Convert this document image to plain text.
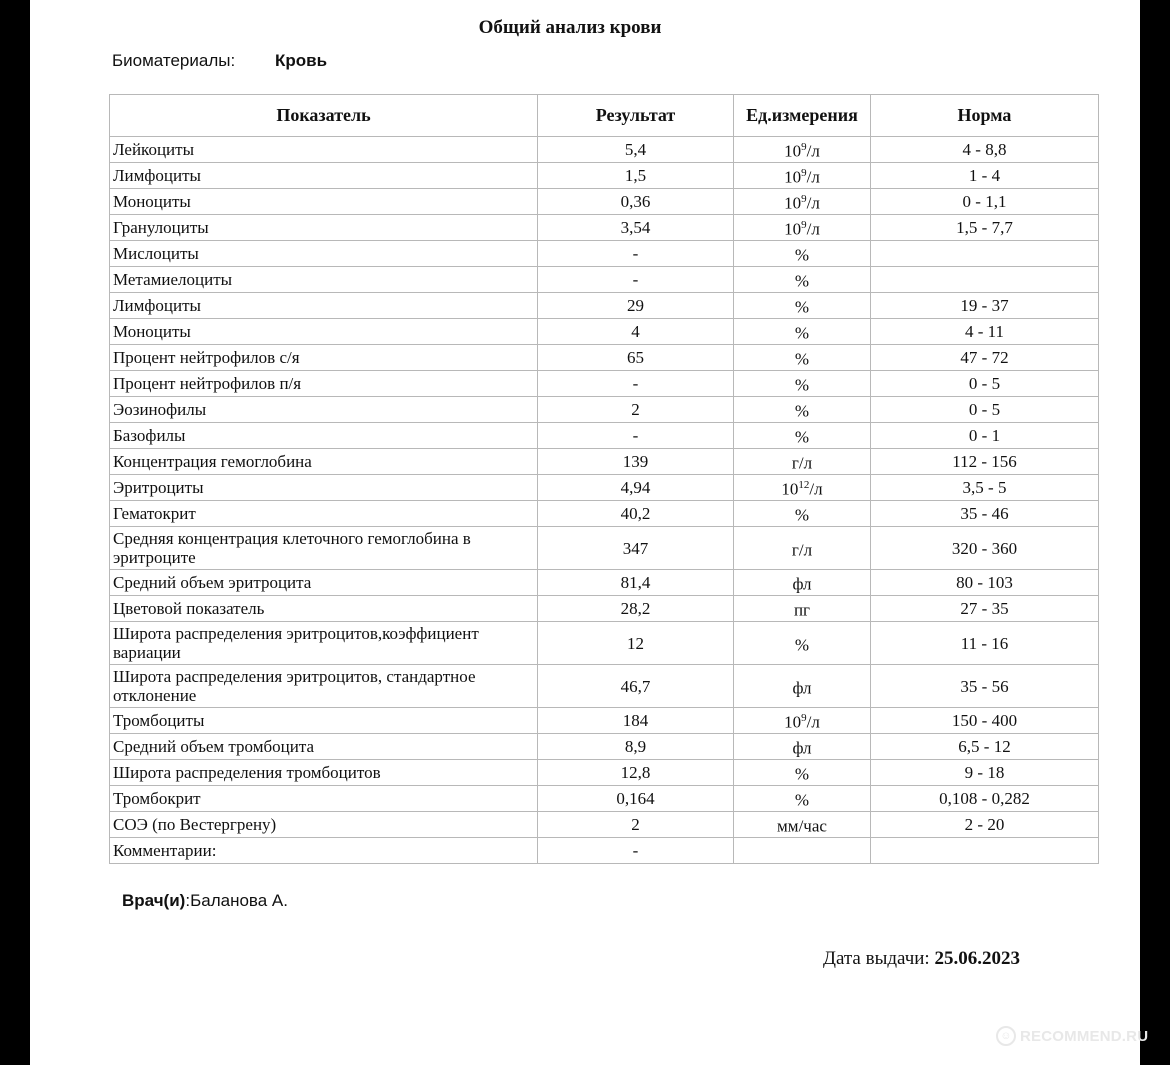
Общий анализ крови
Биоматериалы: Кровь
Показатель	Результат	Ед.измерения	Норма
Лейкоциты	5,4	$10^9/л$	4 - 8,8
Лимфоциты	1,5	$10^9/л$	1 - 4
Моноциты	0,36	$10^9/л$	0 - 1,1
Гранулоциты	3,54	$10^9/л$	1,5 - 7,7
Мислоциты	-	%	
Метамиелоциты	-	%	
Лимфоциты	29	%	19 - 37
Моноциты	4	%	4 - 11
Процент нейтрофилов с/я	65	%	47 - 72
Процент нейтрофилов п/я	-	%	0 - 5
Эозинофилы	2	%	0 - 5
Базофилы	-	%	0 - 1
Концентрация гемоглобина	139	г/л	112 - 156
Эритроциты	4,94	$10^{12}/л$	3,5 - 5
Гематокрит	40,2	%	35 - 46
Средняя концентрация клеточного гемоглобина в эритроците	347	г/л	320 - 360
Средний объем эритроцита	81,4	фл	80 - 103
Цветовой показатель	28,2	пг	27 - 35
Широта распределения эритроцитов,коэффициент вариации	12	%	11 - 16
Широта распределения эритроцитов, стандартное отклонение	46,7	фл	35 - 56
Тромбоциты	184	$10^9/л$	150 - 400
Средний объем тромбоцита	8,9	фл	6,5 - 12
Широта распределения тромбоцитов	12,8	%	9 - 18
Тромбокрит	0,164	%	0,108 - 0,282
СОЭ (по Вестергрену)	2	мм/час	2 - 20
Комментарии:	-		
Врач(и):Баланова А.
Дата выдачи: 25.06.2023
☺ RECOMMEND.RU
